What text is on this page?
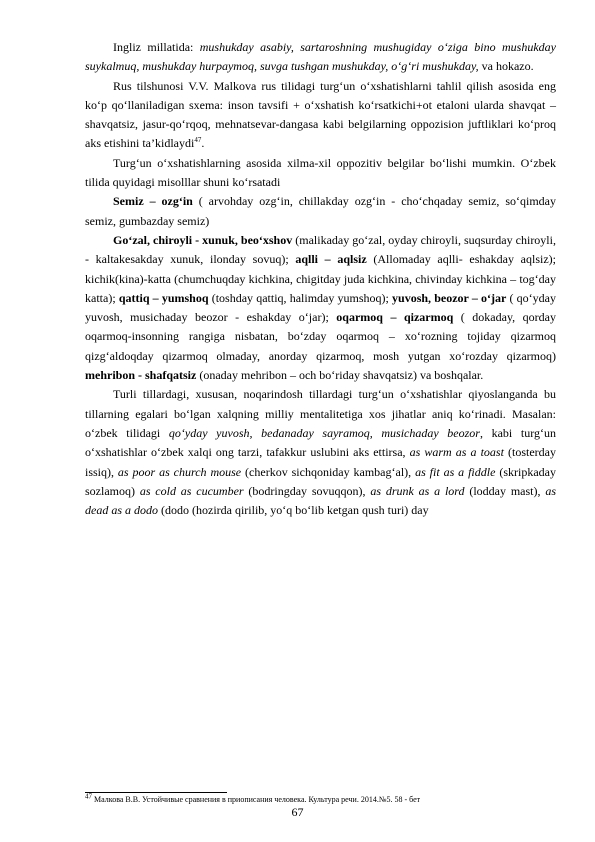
Ingliz millatida: mushukday asabiy, sartaroshning mushugiday o‘ziga bino mushukday suykalmuq, mushukday hurpaymoq, suvga tushgan mushukday, o‘g‘ri mushukday, va hokazo.

Rus tilshunosi V.V. Malkova rus tilidagi turg‘un o‘xshatishlarni tahlil qilish asosida eng ko‘p qo‘llaniladigan sxema: inson tavsifi + o‘xshatish ko‘rsatkichi+ot etaloni ularda shavqat – shavqatsiz, jasur-qo‘rqoq, mehnatsevar-dangasa kabi belgilarning oppozision juftliklari ko‘proq aks etishini ta’kidlaydi$^{47}$.

Turg‘un o‘xshatishlarning asosida xilma-xil oppozitiv belgilar bo‘lishi mumkin. O‘zbek tilida quyidagi misolllar shuni ko‘rsatadi

Semiz – ozg‘in ( arvohday ozg‘in, chillakday ozg‘in - cho‘chqaday semiz, so‘qimday semiz, gumbazday semiz)

Go‘zal, chiroyli - xunuk, beo‘xshov (malikaday go‘zal, oyday chiroyli, suqsurday chiroyli, - kaltakesakday xunuk, ilonday sovuq); aqlli – aqlsiz (Allomaday aqlli- eshakday aqlsiz); kichik(kina)-katta (chumchuqday kichkina, chigitday juda kichkina, chivinday kichkina – tog‘day katta); qattiq – yumshoq (toshday qattiq, halimday yumshoq); yuvosh, beozor – o‘jar ( qo‘yday yuvosh, musichaday beozor - eshakday o‘jar); oqarmoq – qizarmoq ( dokaday, qorday oqarmoq-insonning rangiga nisbatan, bo‘zday oqarmoq – xo‘rozning tojiday qizarmoq qizg‘aldoqday qizarmoq olmaday, anorday qizarmoq, mosh yutgan xo‘rozday qizarmoq) mehribon - shafqatsiz (onaday mehribon – och bo‘riday shavqatsiz) va boshqalar.

Turli tillardagi, xususan, noqarindosh tillardagi turg‘un o‘xshatishlar qiyoslanganda bu tillarning egalari bo‘lgan xalqning milliy mentalitetiga xos jihatlar aniq ko‘rinadi. Masalan: o‘zbek tilidagi qo‘yday yuvosh, bedanaday sayramoq, musichaday beozor, kabi turg‘un o‘xshatishlar o‘zbek xalqi ong tarzi, tafakkur uslubini aks ettirsa, as warm as a toast (tosterday issiq), as poor as church mouse (cherkov sichqoniday kambag‘al), as fit as a fiddle (skripkaday sozlamoq) as cold as cucumber (bodringday sovuqqon), as drunk as a lord (lodday mast), as dead as a dodo (dodo (hozirda qirilib, yo‘q bo‘lib ketgan qush turi) day

$^{47}$ Малкова В.В. Устойчивые сравнения в приописания человека. Культура речи. 2014.№5. 58 - бет
67
